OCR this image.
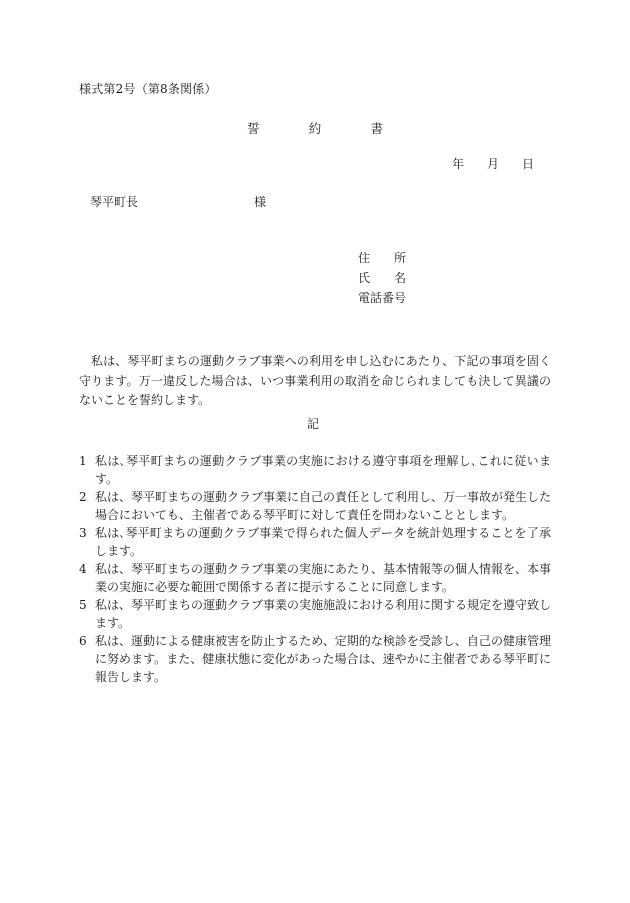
様式第2号（第8条関係）
誓	約	書
年 月 日
琴平町長	様
住　所
氏　名
電話番号

私は、琴平町まちの運動クラブ事業への利用を申し込むにあたり、下記の事項を固く守ります。万一違反した場合は、いつ事業利用の取消を命じられましても決して異議のないことを誓約します。

記
1 私は､琴平町まちの運動クラブ事業の実施における遵守事項を理解し､これに従います。
2 私は、琴平町まちの運動クラブ事業に自己の責任として利用し、万一事故が発生した場合においても、主催者である琴平町に対して責任を問わないこととします。
3 私は､琴平町まちの運動クラブ事業で得られた個人データを統計処理することを了承します。
4 私は、琴平町まちの運動クラブ事業の実施にあたり、基本情報等の個人情報を、本事業の実施に必要な範囲で関係する者に提示することに同意します。
5 私は、琴平町まちの運動クラブ事業の実施施設における利用に関する規定を遵守致します。
6 私は、運動による健康被害を防止するため、定期的な検診を受診し、自己の健康管理に努めます。また、健康状態に変化があった場合は、速やかに主催者である琴平町に報告します。
